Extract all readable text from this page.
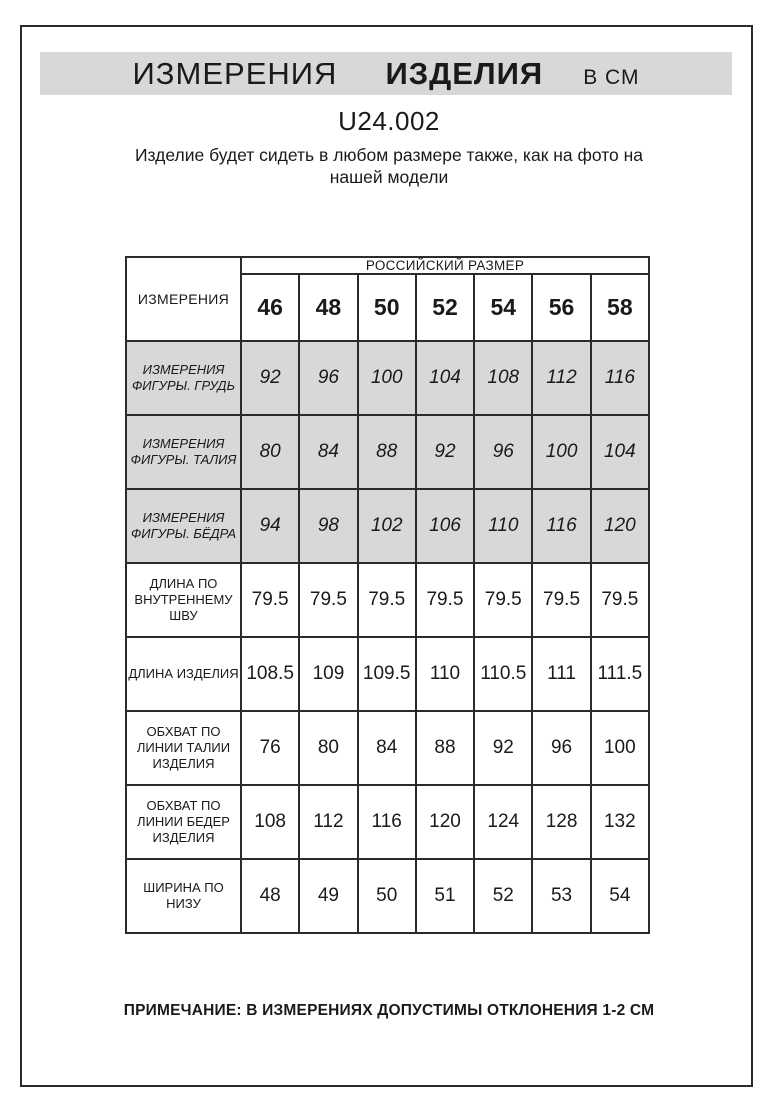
ИЗМЕРЕНИЯ ИЗДЕЛИЯ В СМ
U24.002
Изделие будет сидеть в любом размере также, как на фото на
нашей модели
ИЗМЕРЕНИЯ	РОССИЙСКИЙ РАЗМЕР						
	46	48	50	52	54	56	58
ИЗМЕРЕНИЯ ФИГУРЫ. ГРУДЬ	92	96	100	104	108	112	116
ИЗМЕРЕНИЯ ФИГУРЫ. ТАЛИЯ	80	84	88	92	96	100	104
ИЗМЕРЕНИЯ ФИГУРЫ. БЁДРА	94	98	102	106	110	116	120
ДЛИНА ПО ВНУТРЕННЕМУ ШВУ	79.5	79.5	79.5	79.5	79.5	79.5	79.5
ДЛИНА ИЗДЕЛИЯ	108.5	109	109.5	110	110.5	111	111.5
ОБХВАТ ПО ЛИНИИ ТАЛИИ ИЗДЕЛИЯ	76	80	84	88	92	96	100
ОБХВАТ ПО ЛИНИИ БЕДЕР ИЗДЕЛИЯ	108	112	116	120	124	128	132
ШИРИНА ПО НИЗУ	48	49	50	51	52	53	54
ПРИМЕЧАНИЕ: В ИЗМЕРЕНИЯХ ДОПУСТИМЫ ОТКЛОНЕНИЯ 1-2 СМ
